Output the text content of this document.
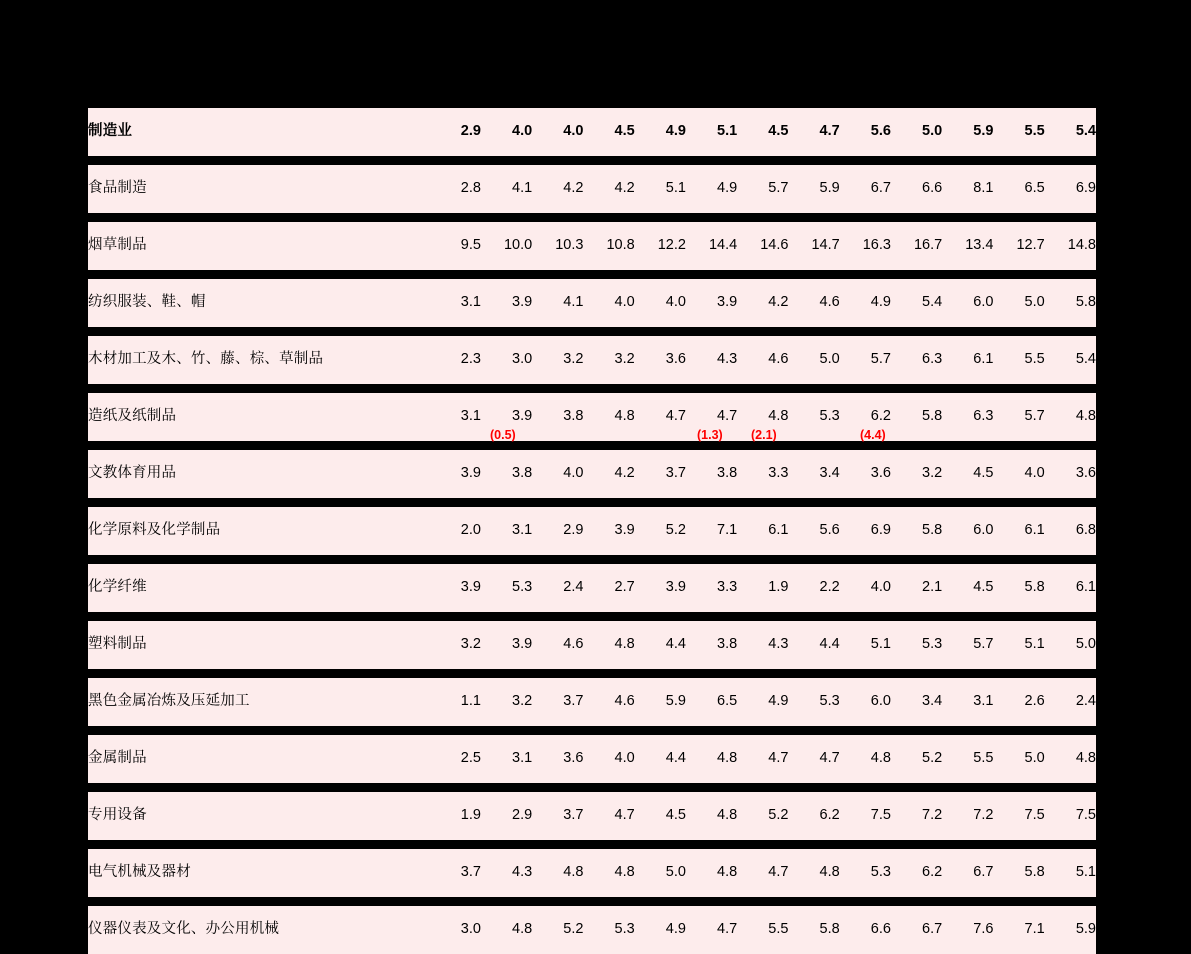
制造业	2.9	4.0	4.0	4.5	4.9	5.1	4.5	4.7	5.6	5.0	5.9	5.5	5.4

食品制造	2.8	4.1	4.2	4.2	5.1	4.9	5.7	5.9	6.7	6.6	8.1	6.5	6.9

烟草制品	9.5	10.0	10.3	10.8	12.2	14.4	14.6	14.7	16.3	16.7	13.4	12.7	14.8

纺织服装、鞋、帽	3.1	3.9	4.1	4.0	4.0	3.9	4.2	4.6	4.9	5.4	6.0	5.0	5.8

木材加工及木、竹、藤、棕、草制品	2.3	3.0	3.2	3.2	3.6	4.3	4.6	5.0	5.7	6.3	6.1	5.5	5.4

造纸及纸制品	3.1	3.9	3.8	4.8	4.7	4.7	4.8	5.3	6.2	5.8	6.3	5.7	4.8

文教体育用品	3.9	3.8	4.0	4.2	3.7	3.8	3.3	3.4	3.6	3.2	4.5	4.0	3.6

化学原料及化学制品	2.0	3.1	2.9	3.9	5.2	7.1	6.1	5.6	6.9	5.8	6.0	6.1	6.8

化学纤维	3.9	5.3	2.4	2.7	3.9	3.3	1.9	2.2	4.0	2.1	4.5	5.8	6.1

塑料制品	3.2	3.9	4.6	4.8	4.4	3.8	4.3	4.4	5.1	5.3	5.7	5.1	5.0

黑色金属冶炼及压延加工	1.1	3.2	3.7	4.6	5.9	6.5	4.9	5.3	6.0	3.4	3.1	2.6	2.4

金属制品	2.5	3.1	3.6	4.0	4.4	4.8	4.7	4.7	4.8	5.2	5.5	5.0	4.8

专用设备	1.9	2.9	3.7	4.7	4.5	4.8	5.2	6.2	7.5	7.2	7.2	7.5	7.5

电气机械及器材	3.7	4.3	4.8	4.8	5.0	4.8	4.7	4.8	5.3	6.2	6.7	5.8	5.1

仪器仪表及文化、办公用机械	3.0	4.8	5.2	5.3	4.9	4.7	5.5	5.8	6.6	6.7	7.6	7.1	5.9
(0.5)	(1.3) (2.1)	(4.4)
